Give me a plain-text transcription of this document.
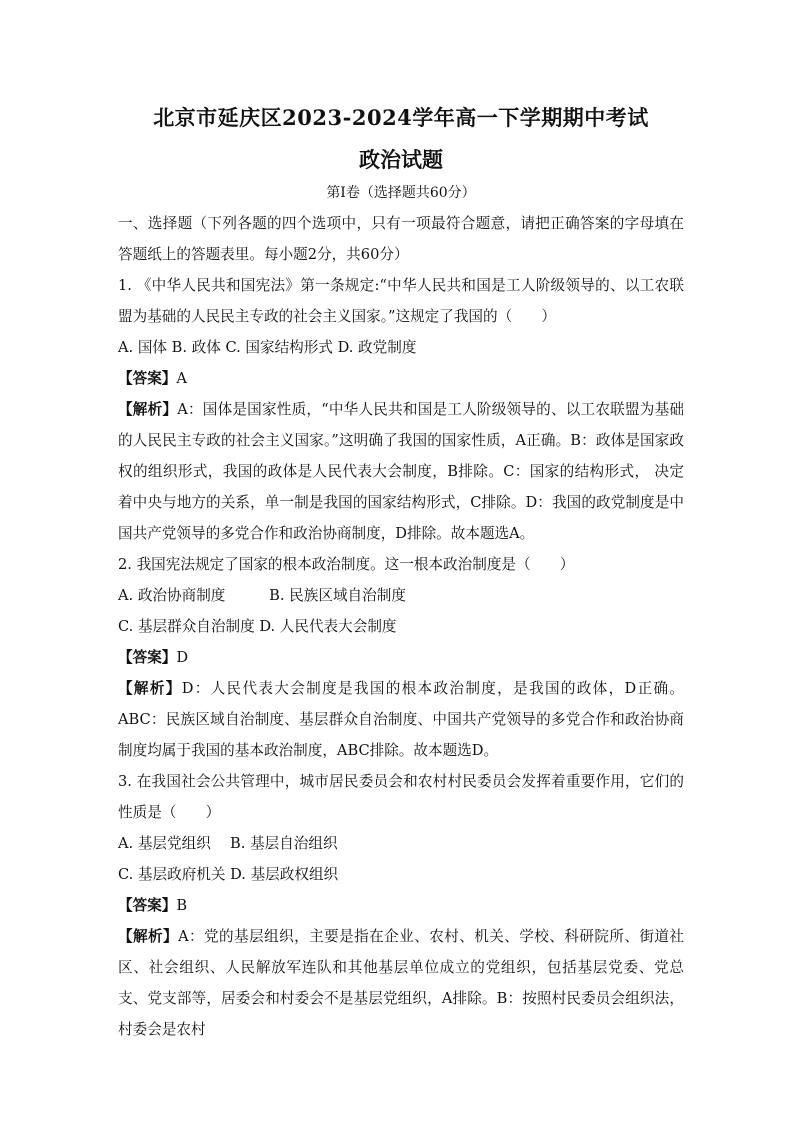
北京市延庆区2023-2024学年高一下学期期中考试
政治试题
第Ⅰ卷（选择题共60分）

一、选择题（下列各题的四个选项中，只有一项最符合题意，请把正确答案的字母填在答题纸上的答题表里。每小题2分，共60分）

1. 《中华人民共和国宪法》第一条规定:“中华人民共和国是工人阶级领导的、以工农联盟为基础的人民民主专政的社会主义国家。”这规定了我国的（　　）

A. 国体 B. 政体 C. 国家结构形式 D. 政党制度

【答案】A

【解析】A：国体是国家性质，“中华人民共和国是工人阶级领导的、以工农联盟为基础的人民民主专政的社会主义国家。”这明确了我国的国家性质，A正确。B：政体是国家政权的组织形式，我国的政体是人民代表大会制度，B排除。C：国家的结构形式， 决定着中央与地方的关系，单一制是我国的国家结构形式，C排除。D：我国的政党制度是中国共产党领导的多党合作和政治协商制度，D排除。故本题选A。

2. 我国宪法规定了国家的根本政治制度。这一根本政治制度是（　　）

A. 政治协商制度　　　B. 民族区域自治制度

C. 基层群众自治制度 D. 人民代表大会制度

【答案】D

【解析】D：人民代表大会制度是我国的根本政治制度，是我国的政体，D正确。ABC：民族区域自治制度、基层群众自治制度、中国共产党领导的多党合作和政治协商制度均属于我国的基本政治制度，ABC排除。故本题选D。

3. 在我国社会公共管理中，城市居民委员会和农村村民委员会发挥着重要作用，它们的性质是（　　）

A. 基层党组织　 B. 基层自治组织

C. 基层政府机关 D. 基层政权组织

【答案】B

【解析】A：党的基层组织，主要是指在企业、农村、机关、学校、科研院所、街道社区、社会组织、人民解放军连队和其他基层单位成立的党组织，包括基层党委、党总支、党支部等，居委会和村委会不是基层党组织，A排除。B：按照村民委员会组织法，村委会是农村
